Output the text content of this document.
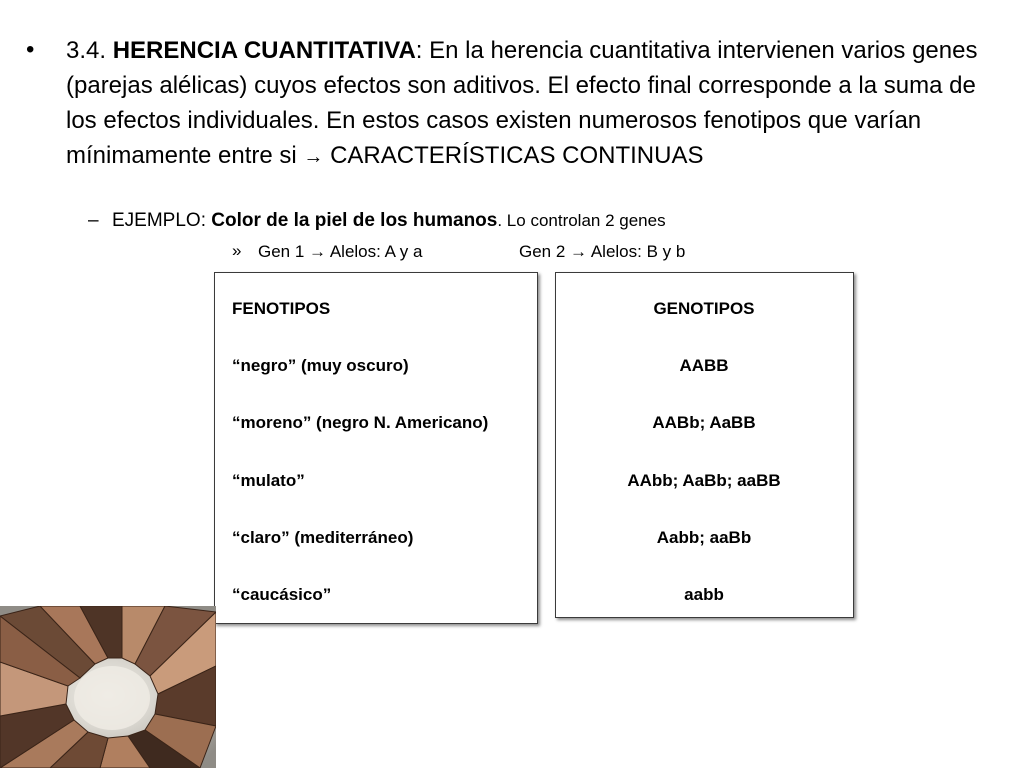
• 3.4. HERENCIA CUANTITATIVA: En la herencia cuantitativa intervienen varios genes (parejas alélicas) cuyos efectos son aditivos. El efecto final corresponde a la suma de los efectos individuales. En estos casos existen numerosos fenotipos que varían mínimamente entre si → CARACTERÍSTICAS CONTINUAS
– EJEMPLO: Color de la piel de los humanos. Lo controlan 2 genes
» Gen 1 → Alelos: A y a	Gen 2 → Alelos: B y b
FENOTIPOS
“negro” (muy oscuro)
“moreno” (negro N. Americano)
“mulato”
“claro” (mediterráneo)
“caucásico”
GENOTIPOS
AABB
AABb; AaBB
AAbb; AaBb; aaBB
Aabb; aaBb
aabb
